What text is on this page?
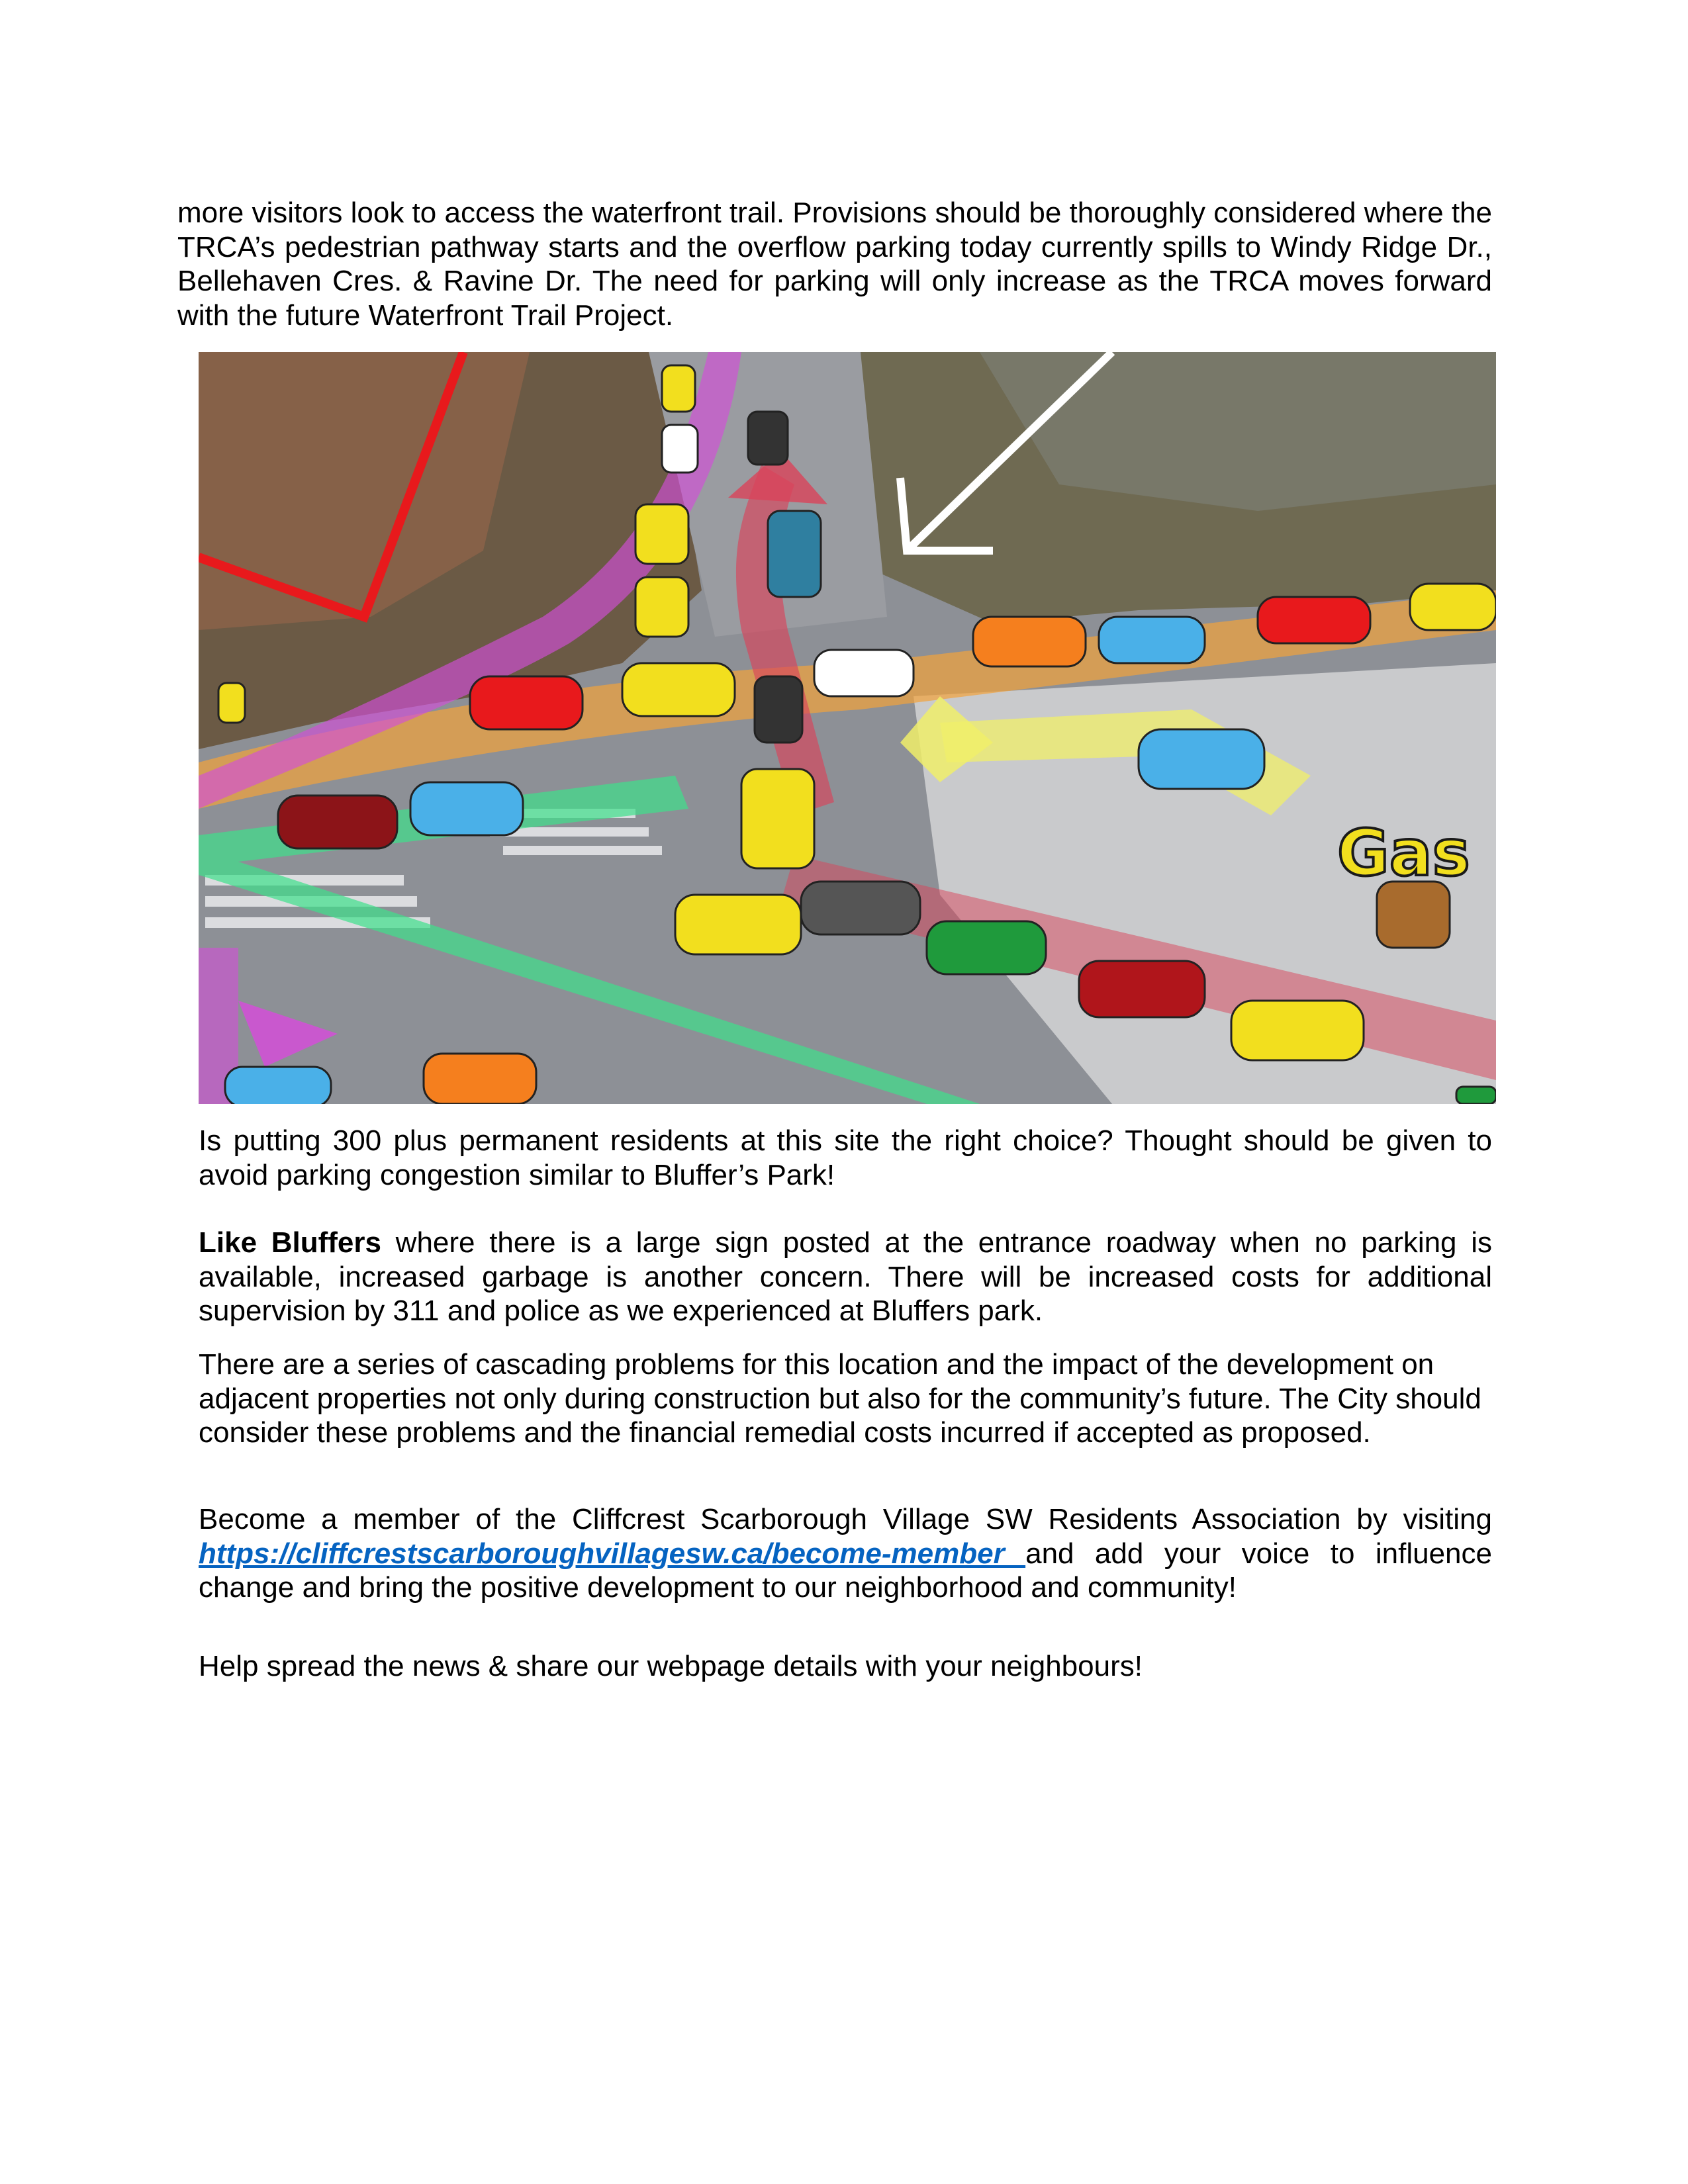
more visitors look to access the waterfront trail. Provisions should be thoroughly considered where the TRCA’s pedestrian pathway starts and the overflow parking today currently spills to Windy Ridge Dr., Bellehaven Cres. & Ravine Dr. The need for parking will only increase as the TRCA moves forward with the future Waterfront Trail Project.

Gas

Is putting 300 plus permanent residents at this site the right choice? Thought should be given to avoid parking congestion similar to Bluffer’s Park!

Like Bluffers where there is a large sign posted at the entrance roadway when no parking is available, increased garbage is another concern. There will be increased costs for additional supervision by 311 and police as we experienced at Bluffers park.

There are a series of cascading problems for this location and the impact of the development on adjacent properties not only during construction but also for the community’s future. The City should consider these problems and the financial remedial costs incurred if accepted as proposed.

Become a member of the Cliffcrest Scarborough Village SW Residents Association by visiting https://cliffcrestscarboroughvillagesw.ca/become-member and add your voice to influence change and bring the positive development to our neighborhood and community!

Help spread the news & share our webpage details with your neighbours!
